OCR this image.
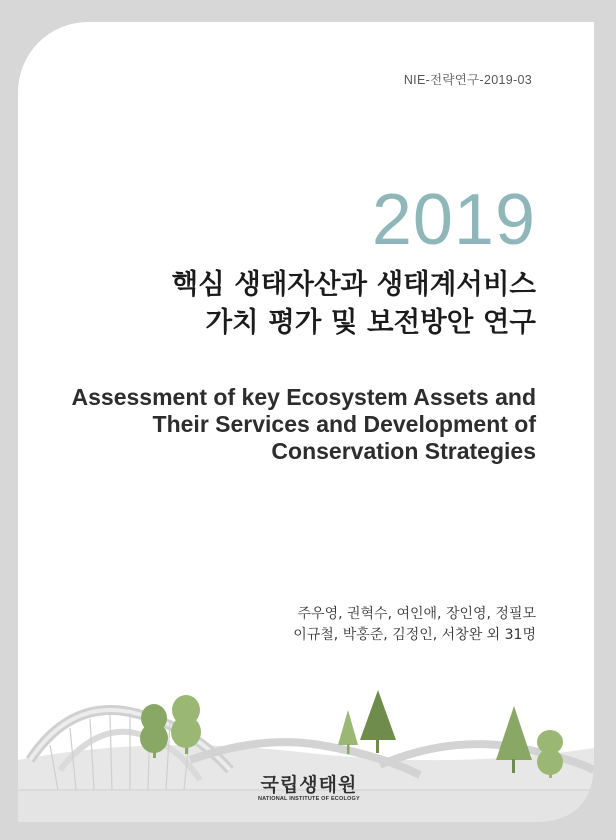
NIE-전략연구-2019-03
2019
핵심 생태자산과 생태계서비스
가치 평가 및 보전방안 연구
Assessment of key Ecosystem Assets and
Their Services and Development of
Conservation Strategies
주우영, 권혁수, 여인애, 장인영, 정필모
이규철, 박홍준, 김정인, 서창완 외 31명
국립생태원
NATIONAL INSTITUTE OF ECOLOGY
